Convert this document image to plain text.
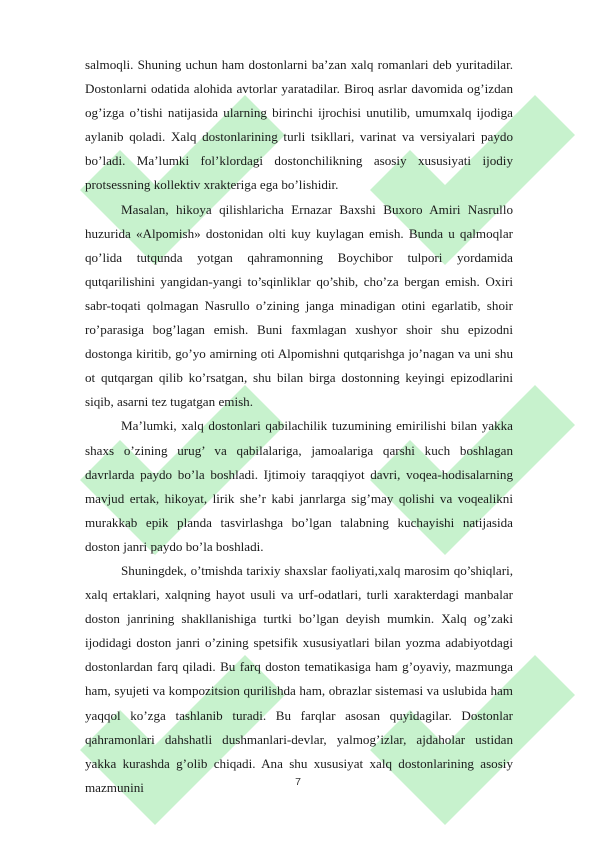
salmoqli. Shuning uchun ham dostonlarni ba’zan xalq romanlari deb yuritadilar. Dostonlarni odatida alohida avtorlar yaratadilar. Biroq asrlar davomida og’izdan og’izga o’tishi natijasida ularning birinchi ijrochisi unutilib, umumxalq ijodiga aylanib qoladi. Xalq dostonlarining turli tsikllari, varinat va versiyalari paydo bo’ladi. Ma’lumki fol’klordagi dostonchilikning asosiy xususiyati ijodiy protsessning kollektiv xrakteriga ega bo’lishidir.

Masalan, hikoya qilishlaricha Ernazar Baxshi Buxoro Amiri Nasrullo huzurida «Alpomish» dostonidan olti kuy kuylagan emish. Bunda u qalmoqlar qo’lida tutqunda yotgan qahramonning Boychibor tulpori yordamida qutqarilishini yangidan-yangi to’sqinliklar qo’shib, cho’za bergan emish. Oxiri sabr-toqati qolmagan Nasrullo o’zining janga minadigan otini egarlatib, shoir ro’parasiga bog’lagan emish. Buni faxmlagan xushyor shoir shu epizodni dostonga kiritib, go’yo amirning oti Alpomishni qutqarishga jo’nagan va uni shu ot qutqargan qilib ko’rsatgan, shu bilan birga dostonning keyingi epizodlarini siqib, asarni tez tugatgan emish.

Ma’lumki, xalq dostonlari qabilachilik tuzumining emirilishi bilan yakka shaxs o’zining urug’ va qabilalariga, jamoalariga qarshi kuch boshlagan davrlarda paydo bo’la boshladi. Ijtimoiy taraqqiyot davri, voqea-hodisalarning mavjud ertak, hikoyat, lirik she’r kabi janrlarga sig’may qolishi va voqealikni murakkab epik planda tasvirlashga bo’lgan talabning kuchayishi natijasida doston janri paydo bo’la boshladi.

Shuningdek, o’tmishda tarixiy shaxslar faoliyati,xalq marosim qo’shiqlari, xalq ertaklari, xalqning hayot usuli va urf-odatlari, turli xarakterdagi manbalar doston janrining shakllanishiga turtki bo’lgan deyish mumkin. Xalq og’zaki ijodidagi doston janri o’zining spetsifik xususiyatlari bilan yozma adabiyotdagi dostonlardan farq qiladi. Bu farq doston tematikasiga ham g’oyaviy, mazmunga ham, syujeti va kompozitsion qurilishda ham, obrazlar sistemasi va uslubida ham yaqqol ko’zga tashlanib turadi. Bu farqlar asosan quyidagilar. Dostonlar qahramonlari dahshatli dushmanlari-devlar, yalmog’izlar, ajdaholar ustidan yakka kurashda g’olib chiqadi. Ana shu xususiyat xalq dostonlarining asosiy mazmunini	7
